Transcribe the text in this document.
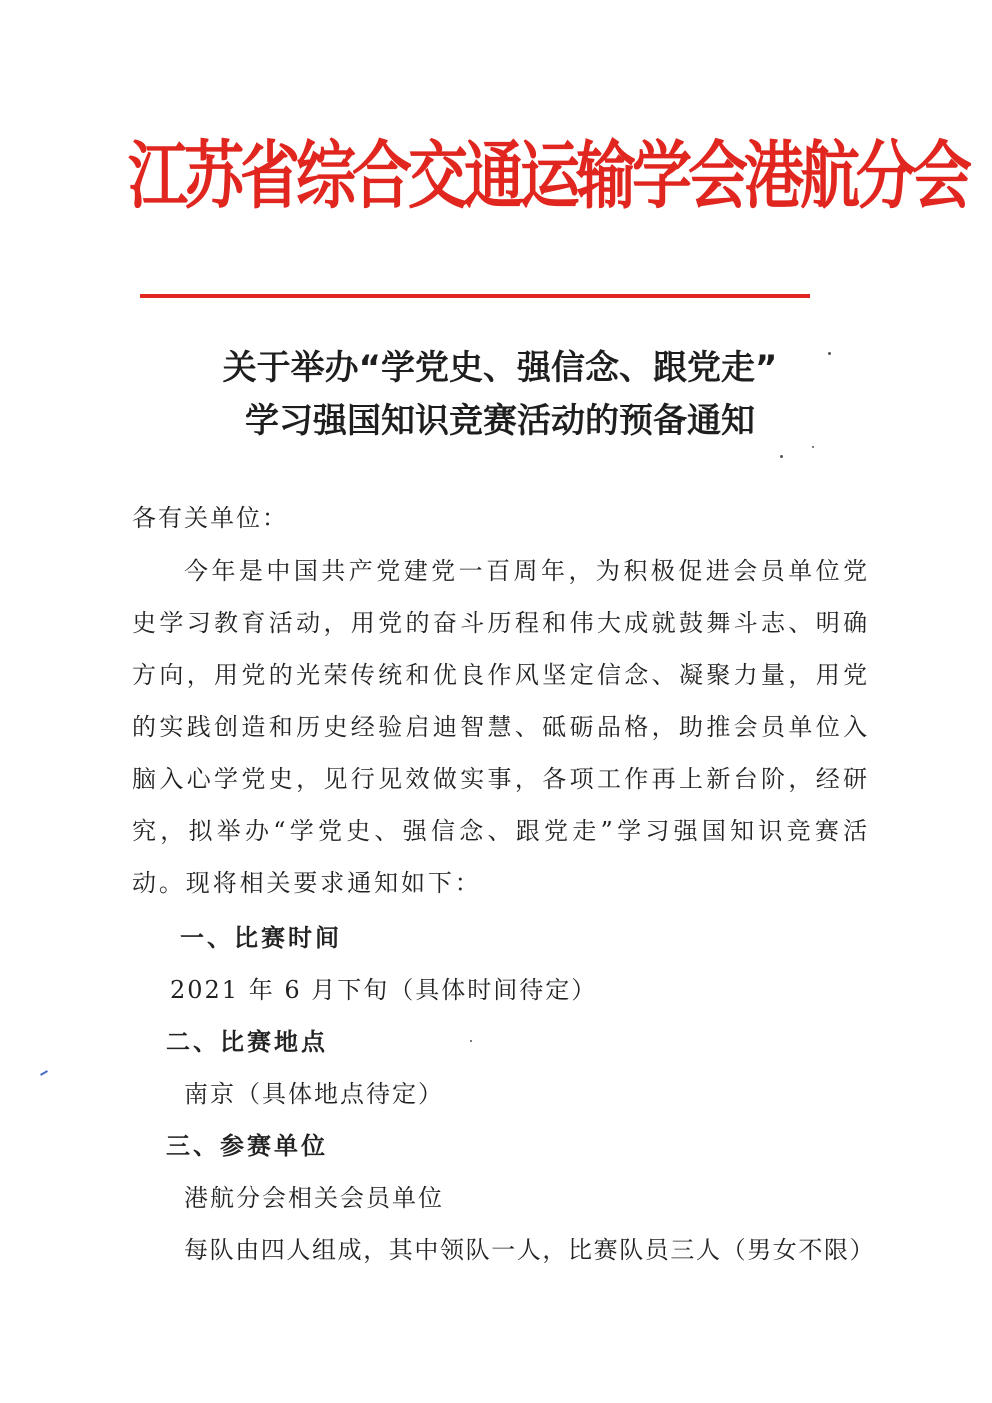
江苏省综合交通运输学会港航分会
关于举办“学党史、强信念、跟党走”
学习强国知识竞赛活动的预备通知
各有关单位：
今年是中国共产党建党一百周年，为积极促进会员单位党史学习教育活动，用党的奋斗历程和伟大成就鼓舞斗志、明确方向，用党的光荣传统和优良作风坚定信念、凝聚力量，用党的实践创造和历史经验启迪智慧、砥砺品格，助推会员单位入脑入心学党史，见行见效做实事，各项工作再上新台阶，经研究，拟举办“学党史、强信念、跟党走”学习强国知识竞赛活动。现将相关要求通知如下：
一、比赛时间
2021 年 6 月下旬（具体时间待定）
二、比赛地点
南京（具体地点待定）
三、参赛单位
港航分会相关会员单位
每队由四人组成，其中领队一人，比赛队员三人（男女不限）
